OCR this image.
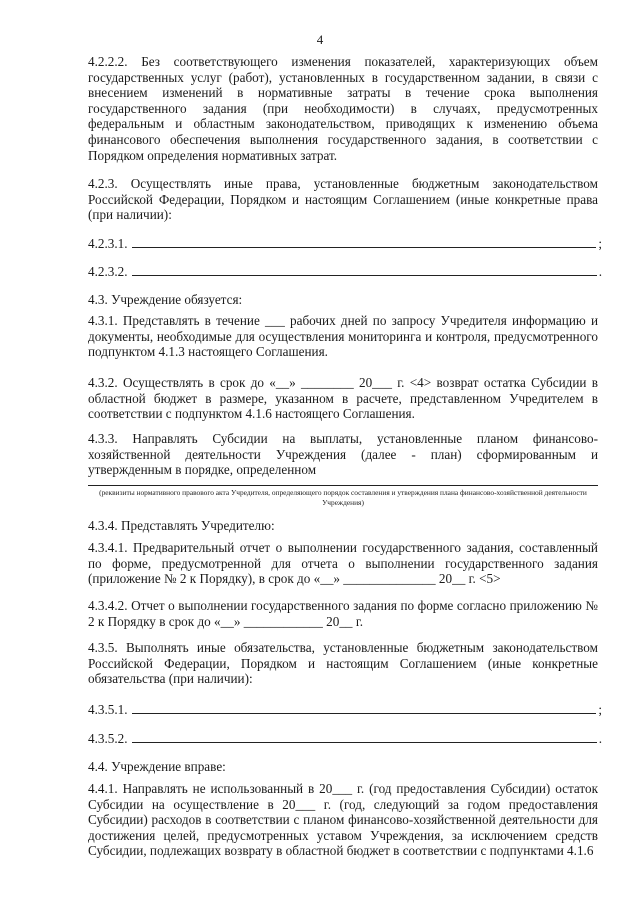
4

4.2.2.2. Без соответствующего изменения показателей, характеризующих объем государственных услуг (работ), установленных в государственном задании, в связи с внесением изменений в нормативные затраты в течение срока выполнения государственного задания (при необходимости) в случаях, предусмотренных федеральным и областным законодательством, приводящих к изменению объема финансового обеспечения выполнения государственного задания, в соответствии с Порядком определения нормативных затрат.

4.2.3. Осуществлять иные права, установленные бюджетным законодательством Российской Федерации, Порядком и настоящим Соглашением (иные конкретные права (при наличии):

4.2.3.1.	;
4.2.3.2.	.

4.3. Учреждение обязуется:

4.3.1. Представлять в течение ___ рабочих дней по запросу Учредителя информацию и документы, необходимые для осуществления мониторинга и контроля, предусмотренного подпунктом 4.1.3 настоящего Соглашения.

4.3.2. Осуществлять в срок до «__» ________ 20___ г. <4> возврат остатка Субсидии в областной бюджет в размере, указанном в расчете, представленном Учредителем в соответствии с подпунктом 4.1.6 настоящего Соглашения.

4.3.3. Направлять Субсидии на выплаты, установленные планом финансово-хозяйственной деятельности Учреждения (далее - план) сформированным и утвержденным в порядке, определенном

(реквизиты нормативного правового акта Учредителя, определяющего порядок составления и утверждения плана финансово-хозяйственной деятельности Учреждения)

4.3.4. Представлять Учредителю:

4.3.4.1. Предварительный отчет о выполнении государственного задания, составленный по форме, предусмотренной для отчета о выполнении государственного задания (приложение № 2 к Порядку), в срок до «__» ______________ 20__ г. <5>

4.3.4.2. Отчет о выполнении государственного задания по форме согласно приложению № 2 к Порядку в срок до «__» ____________ 20__ г.

4.3.5. Выполнять иные обязательства, установленные бюджетным законодательством Российской Федерации, Порядком и настоящим Соглашением (иные конкретные обязательства (при наличии):

4.3.5.1.	;
4.3.5.2.	.

4.4. Учреждение вправе:

4.4.1. Направлять не использованный в 20___ г. (год предоставления Субсидии) остаток Субсидии на осуществление в 20___ г. (год, следующий за годом предоставления Субсидии) расходов в соответствии с планом финансово-хозяйственной деятельности для достижения целей, предусмотренных уставом Учреждения, за исключением средств Субсидии, подлежащих возврату в областной бюджет в соответствии с подпунктами 4.1.6
